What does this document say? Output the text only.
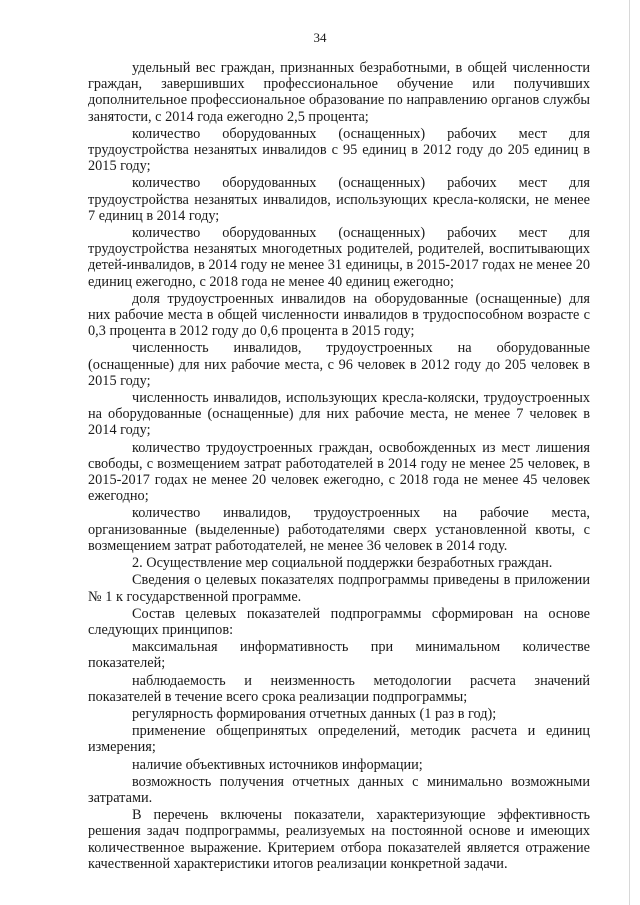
34

удельный вес граждан, признанных безработными, в общей численности граждан, завершивших профессиональное обучение или получивших дополнительное профессиональное образование по направлению органов службы занятости, с 2014 года ежегодно 2,5 процента;

количество оборудованных (оснащенных) рабочих мест для трудоустройства незанятых инвалидов с 95 единиц в 2012 году до 205 единиц в 2015 году;

количество оборудованных (оснащенных) рабочих мест для трудоустройства незанятых инвалидов, использующих кресла-коляски, не менее 7 единиц в 2014 году;

количество оборудованных (оснащенных) рабочих мест для трудоустройства незанятых многодетных родителей, родителей, воспитывающих детей-инвалидов, в 2014 году не менее 31 единицы, в 2015-2017 годах не менее 20 единиц ежегодно, с 2018 года не менее 40 единиц ежегодно;

доля трудоустроенных инвалидов на оборудованные (оснащенные) для них рабочие места в общей численности инвалидов в трудоспособном возрасте с 0,3 процента в 2012 году до 0,6 процента в 2015 году;

численность инвалидов, трудоустроенных на оборудованные (оснащенные) для них рабочие места, с 96 человек в 2012 году до 205 человек в 2015 году;

численность инвалидов, использующих кресла-коляски, трудоустроенных на оборудованные (оснащенные) для них рабочие места, не менее 7 человек в 2014 году;

количество трудоустроенных граждан, освобожденных из мест лишения свободы, с возмещением затрат работодателей в 2014 году не менее 25 человек, в 2015-2017 годах не менее 20 человек ежегодно, с 2018 года не менее 45 человек ежегодно;

количество инвалидов, трудоустроенных на рабочие места, организованные (выделенные) работодателями сверх установленной квоты, с возмещением затрат работодателей, не менее 36 человек в 2014 году.

2. Осуществление мер социальной поддержки безработных граждан.

Сведения о целевых показателях подпрограммы приведены в приложении № 1 к государственной программе.

Состав целевых показателей подпрограммы сформирован на основе следующих принципов:

максимальная информативность при минимальном количестве показателей;

наблюдаемость и неизменность методологии расчета значений показателей в течение всего срока реализации подпрограммы;

регулярность формирования отчетных данных (1 раз в год);

применение общепринятых определений, методик расчета и единиц измерения;

наличие объективных источников информации;

возможность получения отчетных данных с минимально возможными затратами.

В перечень включены показатели, характеризующие эффективность решения задач подпрограммы, реализуемых на постоянной основе и имеющих количественное выражение. Критерием отбора показателей является отражение качественной характеристики итогов реализации конкретной задачи.
